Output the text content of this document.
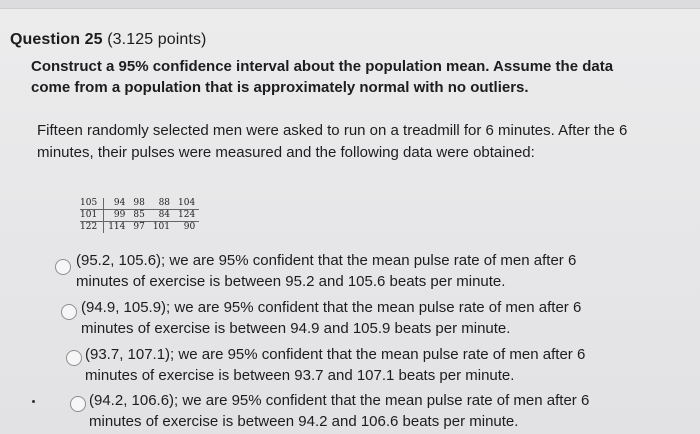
Question 25 (3.125 points)
Construct a 95% confidence interval about the population mean. Assume the data come from a population that is approximately normal with no outliers.
Fifteen randomly selected men were asked to run on a treadmill for 6 minutes. After the 6 minutes, their pulses were measured and the following data were obtained:
105	94	98	88	104
101	99	85	84	124
122	114	97	101	90
(95.2, 105.6); we are 95% confident that the mean pulse rate of men after 6 minutes of exercise is between 95.2 and 105.6 beats per minute.
(94.9, 105.9); we are 95% confident that the mean pulse rate of men after 6 minutes of exercise is between 94.9 and 105.9 beats per minute.
(93.7, 107.1); we are 95% confident that the mean pulse rate of men after 6 minutes of exercise is between 93.7 and 107.1 beats per minute.
(94.2, 106.6); we are 95% confident that the mean pulse rate of men after 6 minutes of exercise is between 94.2 and 106.6 beats per minute.
